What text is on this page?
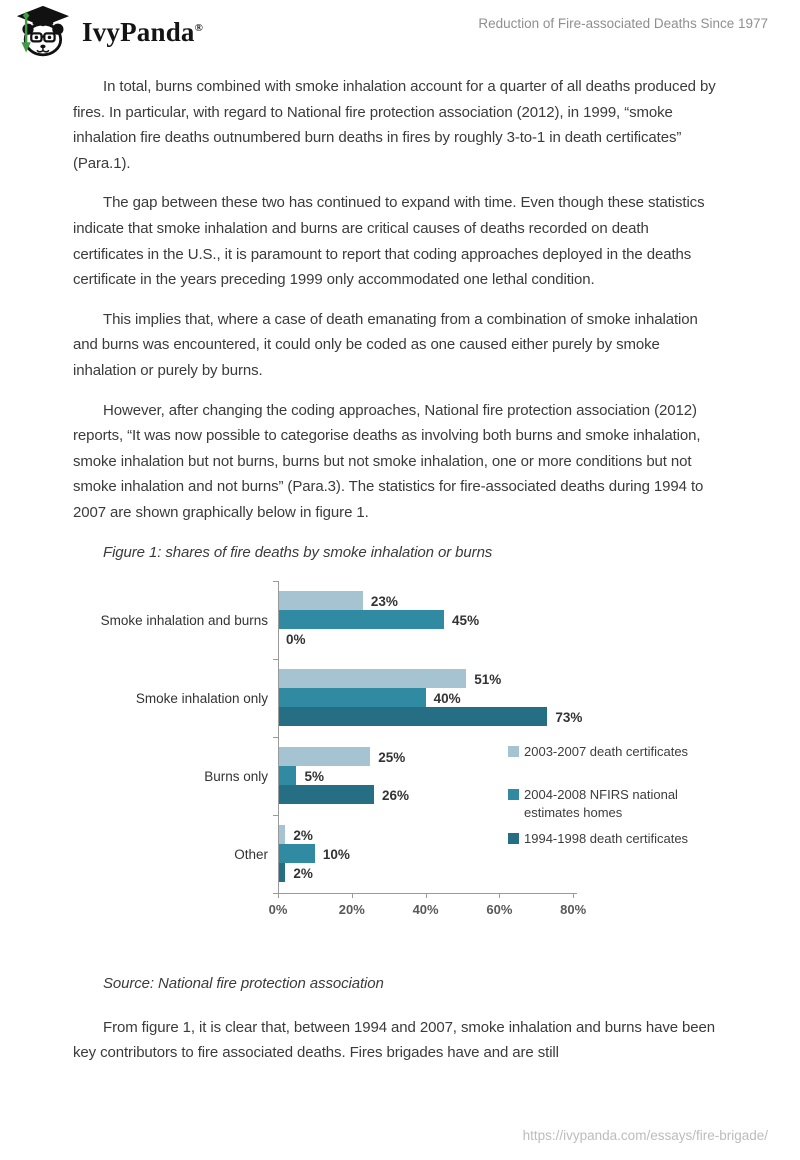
IvyPanda®	Reduction of Fire-associated Deaths Since 1977

In total, burns combined with smoke inhalation account for a quarter of all deaths produced by fires. In particular, with regard to National fire protection association (2012), in 1999, “smoke inhalation fire deaths outnumbered burn deaths in fires by roughly 3-to-1 in death certificates” (Para.1).

The gap between these two has continued to expand with time. Even though these statistics indicate that smoke inhalation and burns are critical causes of deaths recorded on death certificates in the U.S., it is paramount to report that coding approaches deployed in the deaths certificate in the years preceding 1999 only accommodated one lethal condition.

This implies that, where a case of death emanating from a combination of smoke inhalation and burns was encountered, it could only be coded as one caused either purely by smoke inhalation or purely by burns.

However, after changing the coding approaches, National fire protection association (2012) reports, “It was now possible to categorise deaths as involving both burns and smoke inhalation, smoke inhalation but not burns, burns but not smoke inhalation, one or more conditions but not smoke inhalation and not burns” (Para.3). The statistics for fire-associated deaths during 1994 to 2007 are shown graphically below in figure 1.

Figure 1: shares of fire deaths by smoke inhalation or burns

Smoke inhalation and burns
23%
45%
0%
Smoke inhalation only
51%
40%
73%
Burns only
25%
5%
26%
Other
2%
10%
2%
0%	20%	40%	60%	80%
2003-2007 death certificates
2004-2008 NFIRS national estimates homes
1994-1998 death certificates

Source: National fire protection association

From figure 1, it is clear that, between 1994 and 2007, smoke inhalation and burns have been key contributors to fire associated deaths. Fires brigades have and are still

https://ivypanda.com/essays/fire-brigade/
